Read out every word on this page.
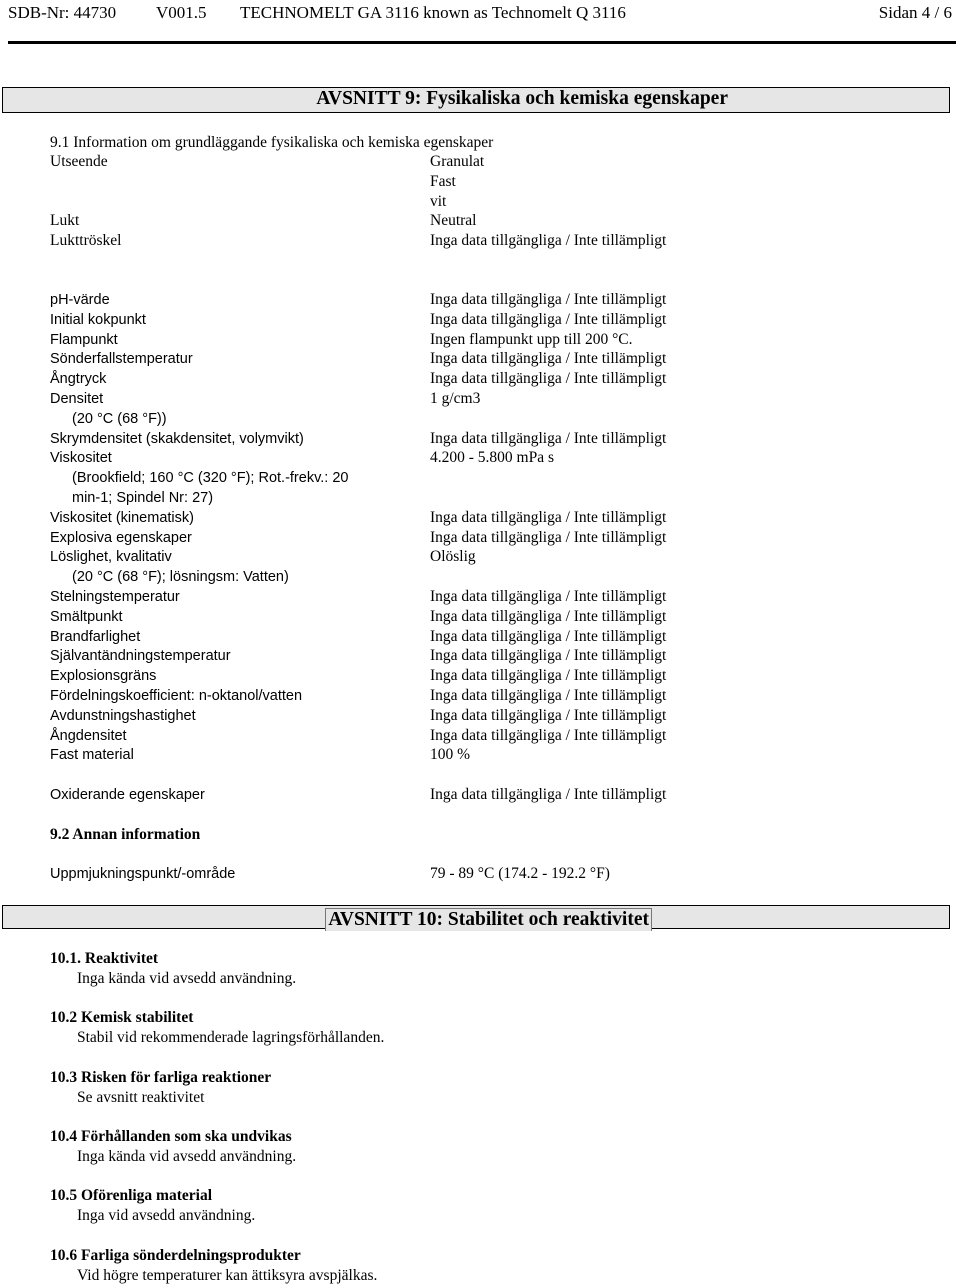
SDB-Nr: 44730 V001.5 TECHNOMELT GA 3116 known as Technomelt Q 3116	Sidan 4 / 6
AVSNITT 9: Fysikaliska och kemiska egenskaper
9.1 Information om grundläggande fysikaliska och kemiska egenskaper
Utseende	Granulat
Fast
vit
Lukt	Neutral
Lukttröskel	Inga data tillgängliga / Inte tillämpligt
pH-värde	Inga data tillgängliga / Inte tillämpligt
Initial kokpunkt	Inga data tillgängliga / Inte tillämpligt
Flampunkt	Ingen flampunkt upp till 200 °C.
Sönderfallstemperatur	Inga data tillgängliga / Inte tillämpligt
Ångtryck	Inga data tillgängliga / Inte tillämpligt
Densitet	1 g/cm3
(20 °C (68 °F))
Skrymdensitet (skakdensitet, volymvikt)	Inga data tillgängliga / Inte tillämpligt
Viskositet	4.200 - 5.800 mPa s
(Brookfield; 160 °C (320 °F); Rot.-frekv.: 20
min-1; Spindel Nr: 27)
Viskositet (kinematisk)	Inga data tillgängliga / Inte tillämpligt
Explosiva egenskaper	Inga data tillgängliga / Inte tillämpligt
Löslighet, kvalitativ	Olöslig
(20 °C (68 °F); lösningsm: Vatten)
Stelningstemperatur	Inga data tillgängliga / Inte tillämpligt
Smältpunkt	Inga data tillgängliga / Inte tillämpligt
Brandfarlighet	Inga data tillgängliga / Inte tillämpligt
Självantändningstemperatur	Inga data tillgängliga / Inte tillämpligt
Explosionsgräns	Inga data tillgängliga / Inte tillämpligt
Fördelningskoefficient: n-oktanol/vatten	Inga data tillgängliga / Inte tillämpligt
Avdunstningshastighet	Inga data tillgängliga / Inte tillämpligt
Ångdensitet	Inga data tillgängliga / Inte tillämpligt
Fast material	100 %
Oxiderande egenskaper	Inga data tillgängliga / Inte tillämpligt
9.2 Annan information
Uppmjukningspunkt/-område	79 - 89 °C (174.2 - 192.2 °F)
AVSNITT 10: Stabilitet och reaktivitet
10.1. Reaktivitet
Inga kända vid avsedd användning.
10.2 Kemisk stabilitet
Stabil vid rekommenderade lagringsförhållanden.
10.3 Risken för farliga reaktioner
Se avsnitt reaktivitet
10.4 Förhållanden som ska undvikas
Inga kända vid avsedd användning.
10.5 Oförenliga material
Inga vid avsedd användning.
10.6 Farliga sönderdelningsprodukter
Vid högre temperaturer kan ättiksyra avspjälkas.
